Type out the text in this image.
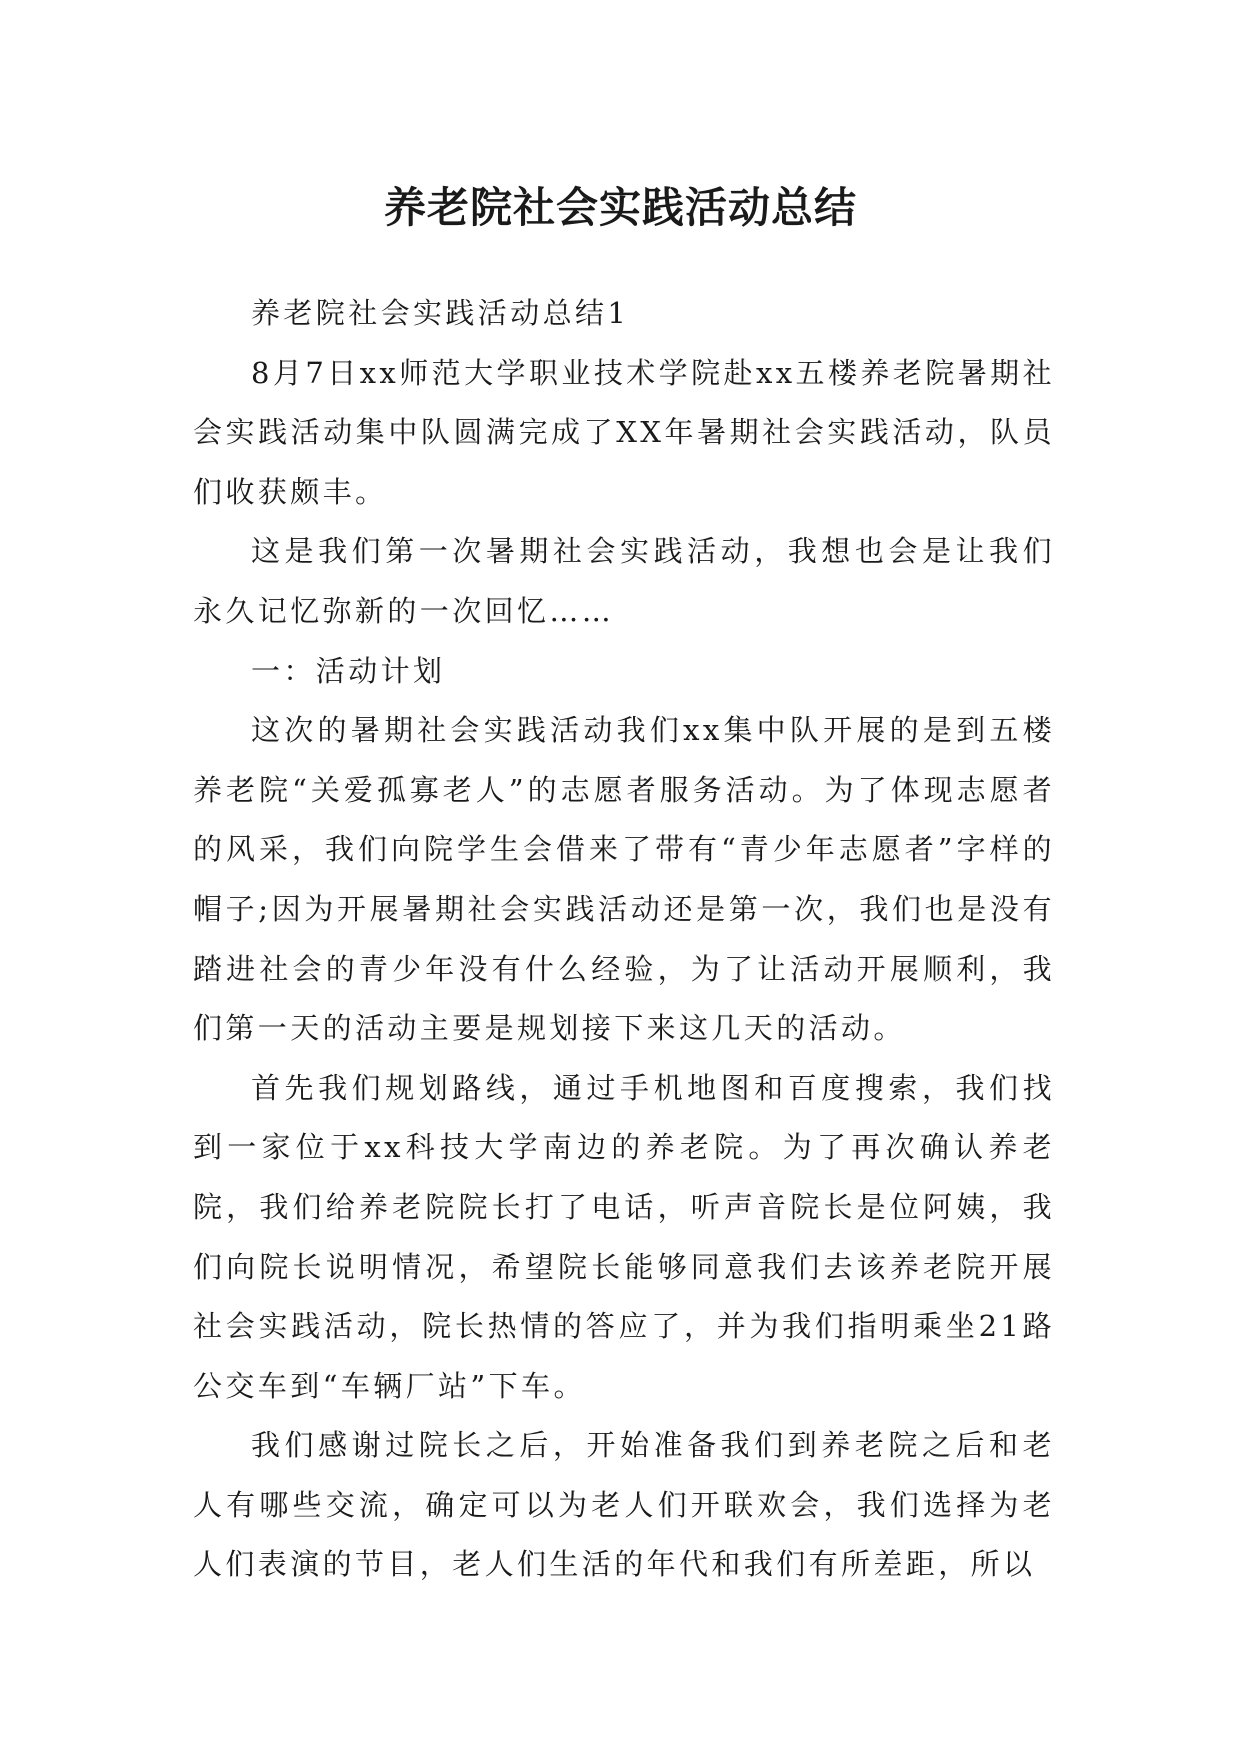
养老院社会实践活动总结

养老院社会实践活动总结1

8月7日xx师范大学职业技术学院赴xx五楼养老院暑期社会实践活动集中队圆满完成了XX年暑期社会实践活动，队员们收获颇丰。

这是我们第一次暑期社会实践活动，我想也会是让我们永久记忆弥新的一次回忆……

一：活动计划

这次的暑期社会实践活动我们xx集中队开展的是到五楼养老院“关爱孤寡老人”的志愿者服务活动。为了体现志愿者的风采，我们向院学生会借来了带有“青少年志愿者”字样的帽子;因为开展暑期社会实践活动还是第一次，我们也是没有踏进社会的青少年没有什么经验，为了让活动开展顺利，我们第一天的活动主要是规划接下来这几天的活动。

首先我们规划路线，通过手机地图和百度搜索，我们找到一家位于xx科技大学南边的养老院。为了再次确认养老院，我们给养老院院长打了电话，听声音院长是位阿姨，我们向院长说明情况，希望院长能够同意我们去该养老院开展社会实践活动，院长热情的答应了，并为我们指明乘坐21路公交车到“车辆厂站”下车。

我们感谢过院长之后，开始准备我们到养老院之后和老人有哪些交流，确定可以为老人们开联欢会，我们选择为老人们表演的节目，老人们生活的年代和我们有所差距，所以
